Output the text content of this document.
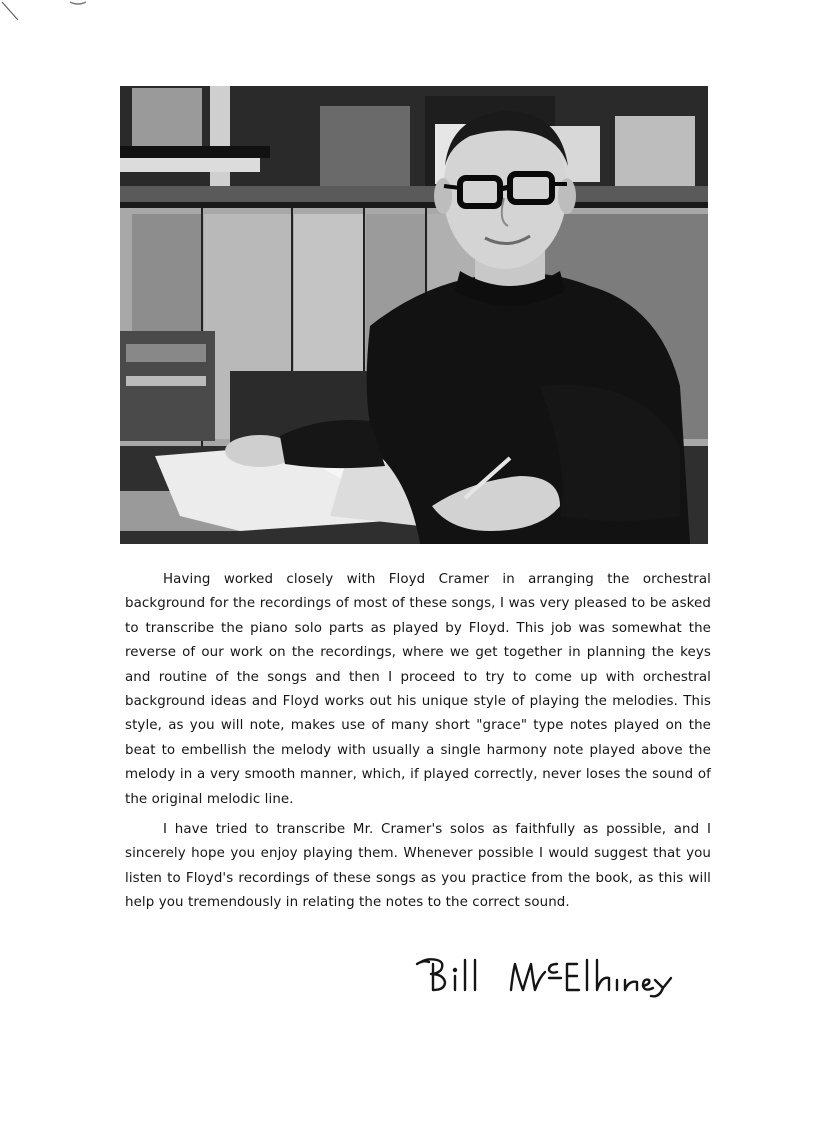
Having worked closely with Floyd Cramer in arranging the orchestral background for the recordings of most of these songs, I was very pleased to be asked to transcribe the piano solo parts as played by Floyd. This job was somewhat the reverse of our work on the recordings, where we get together in planning the keys and routine of the songs and then I proceed to try to come up with orchestral background ideas and Floyd works out his unique style of playing the melodies. This style, as you will note, makes use of many short "grace" type notes played on the beat to embellish the melody with usually a single harmony note played above the melody in a very smooth manner, which, if played correctly, never loses the sound of the original melodic line.

I have tried to transcribe Mr. Cramer's solos as faithfully as possible, and I sincerely hope you enjoy playing them. Whenever possible I would suggest that you listen to Floyd's recordings of these songs as you practice from the book, as this will help you tremendously in relating the notes to the correct sound.
